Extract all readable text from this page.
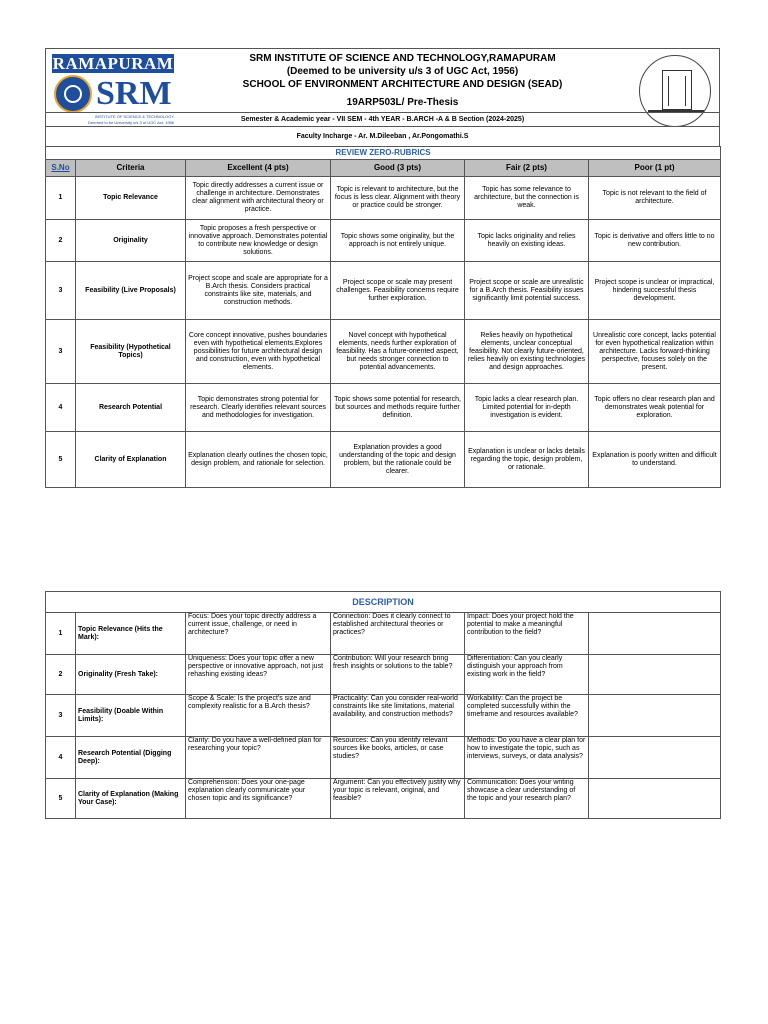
RAMAPURAM
SRM
INSTITUTE OF SCIENCE & TECHNOLOGY
Deemed to be University u/s 3 of UGC Act, 1956
SRM INSTITUTE OF SCIENCE AND TECHNOLOGY,RAMAPURAM
(Deemed to be university u/s 3 of UGC Act, 1956)
SCHOOL OF ENVIRONMENT ARCHITECTURE AND DESIGN (SEAD)
19ARP503L/ Pre-Thesis
Semester & Academic year - VII SEM - 4th YEAR - B.ARCH -A & B Section (2024-2025)
Faculty Incharge - Ar. M.Dileeban , Ar.Pongomathi.S
REVIEW ZERO-RUBRICS					
S.No	Criteria	Excellent (4 pts)	Good (3 pts)	Fair (2 pts)	Poor (1 pt)
1	Topic Relevance	Topic directly addresses a current issue or challenge in architecture. Demonstrates clear alignment with architectural theory or practice.	Topic is relevant to architecture, but the focus is less clear. Alignment with theory or practice could be stronger.	Topic has some relevance to architecture, but the connection is weak.	Topic is not relevant to the field of architecture.
2	Originality	Topic proposes a fresh perspective or innovative approach. Demonstrates potential to contribute new knowledge or design solutions.	Topic shows some originality, but the approach is not entirely unique.	Topic lacks originality and relies heavily on existing ideas.	Topic is derivative and offers little to no new contribution.
3	Feasibility (Live Proposals)	Project scope and scale are appropriate for a B.Arch thesis. Considers practical constraints like site, materials, and construction methods.	Project scope or scale may present challenges. Feasibility concerns require further exploration.	Project scope or scale are unrealistic for a B.Arch thesis. Feasibility issues significantly limit potential success.	Project scope is unclear or impractical, hindering successful thesis development.
3	Feasibility (Hypothetical Topics)	Core concept innovative, pushes boundaries even with hypothetical elements.Explores possibilities for future architectural design and construction, even with hypothetical elements.	Novel concept with hypothetical elements, needs further exploration of feasibility. Has a future-oriented aspect, but needs stronger connection to potential advancements.	Relies heavily on hypothetical elements, unclear conceptual feasibility. Not clearly future-oriented, relies heavily on existing technologies and design approaches.	Unrealistic core concept, lacks potential for even hypothetical realization within architecture. Lacks forward-thinking perspective, focuses solely on the present.
4	Research Potential	Topic demonstrates strong potential for research. Clearly identifies relevant sources and methodologies for investigation.	Topic shows some potential for research, but sources and methods require further definition.	Topic lacks a clear research plan. Limited potential for in-depth investigation is evident.	Topic offers no clear research plan and demonstrates weak potential for exploration.
5	Clarity of Explanation	Explanation clearly outlines the chosen topic, design problem, and rationale for selection.	Explanation provides a good understanding of the topic and design problem, but the rationale could be clearer.	Explanation is unclear or lacks details regarding the topic, design problem, or rationale.	Explanation is poorly written and difficult to understand.
DESCRIPTION					
1	Topic Relevance (Hits the Mark):	Focus: Does your topic directly address a current issue, challenge, or need in architecture?	Connection: Does it clearly connect to established architectural theories or practices?	Impact: Does your project hold the potential to make a meaningful contribution to the field?	
2	Originality (Fresh Take):	Uniqueness: Does your topic offer a new perspective or innovative approach, not just rehashing existing ideas?	Contribution: Will your research bring fresh insights or solutions to the table?	Differentiation: Can you clearly distinguish your approach from existing work in the field?	
3	Feasibility (Doable Within Limits):	Scope & Scale: Is the project's size and complexity realistic for a B.Arch thesis?	Practicality: Can you consider real-world constraints like site limitations, material availability, and construction methods?	Workability: Can the project be completed successfully within the timeframe and resources available?	
4	Research Potential (Digging Deep):	Clarity: Do you have a well-defined plan for researching your topic?	Resources: Can you identify relevant sources like books, articles, or case studies?	Methods: Do you have a clear plan for how to investigate the topic, such as interviews, surveys, or data analysis?	
5	Clarity of Explanation (Making Your Case):	Comprehension: Does your one-page explanation clearly communicate your chosen topic and its significance?	Argument: Can you effectively justify why your topic is relevant, original, and feasible?	Communication: Does your writing showcase a clear understanding of the topic and your research plan?	
